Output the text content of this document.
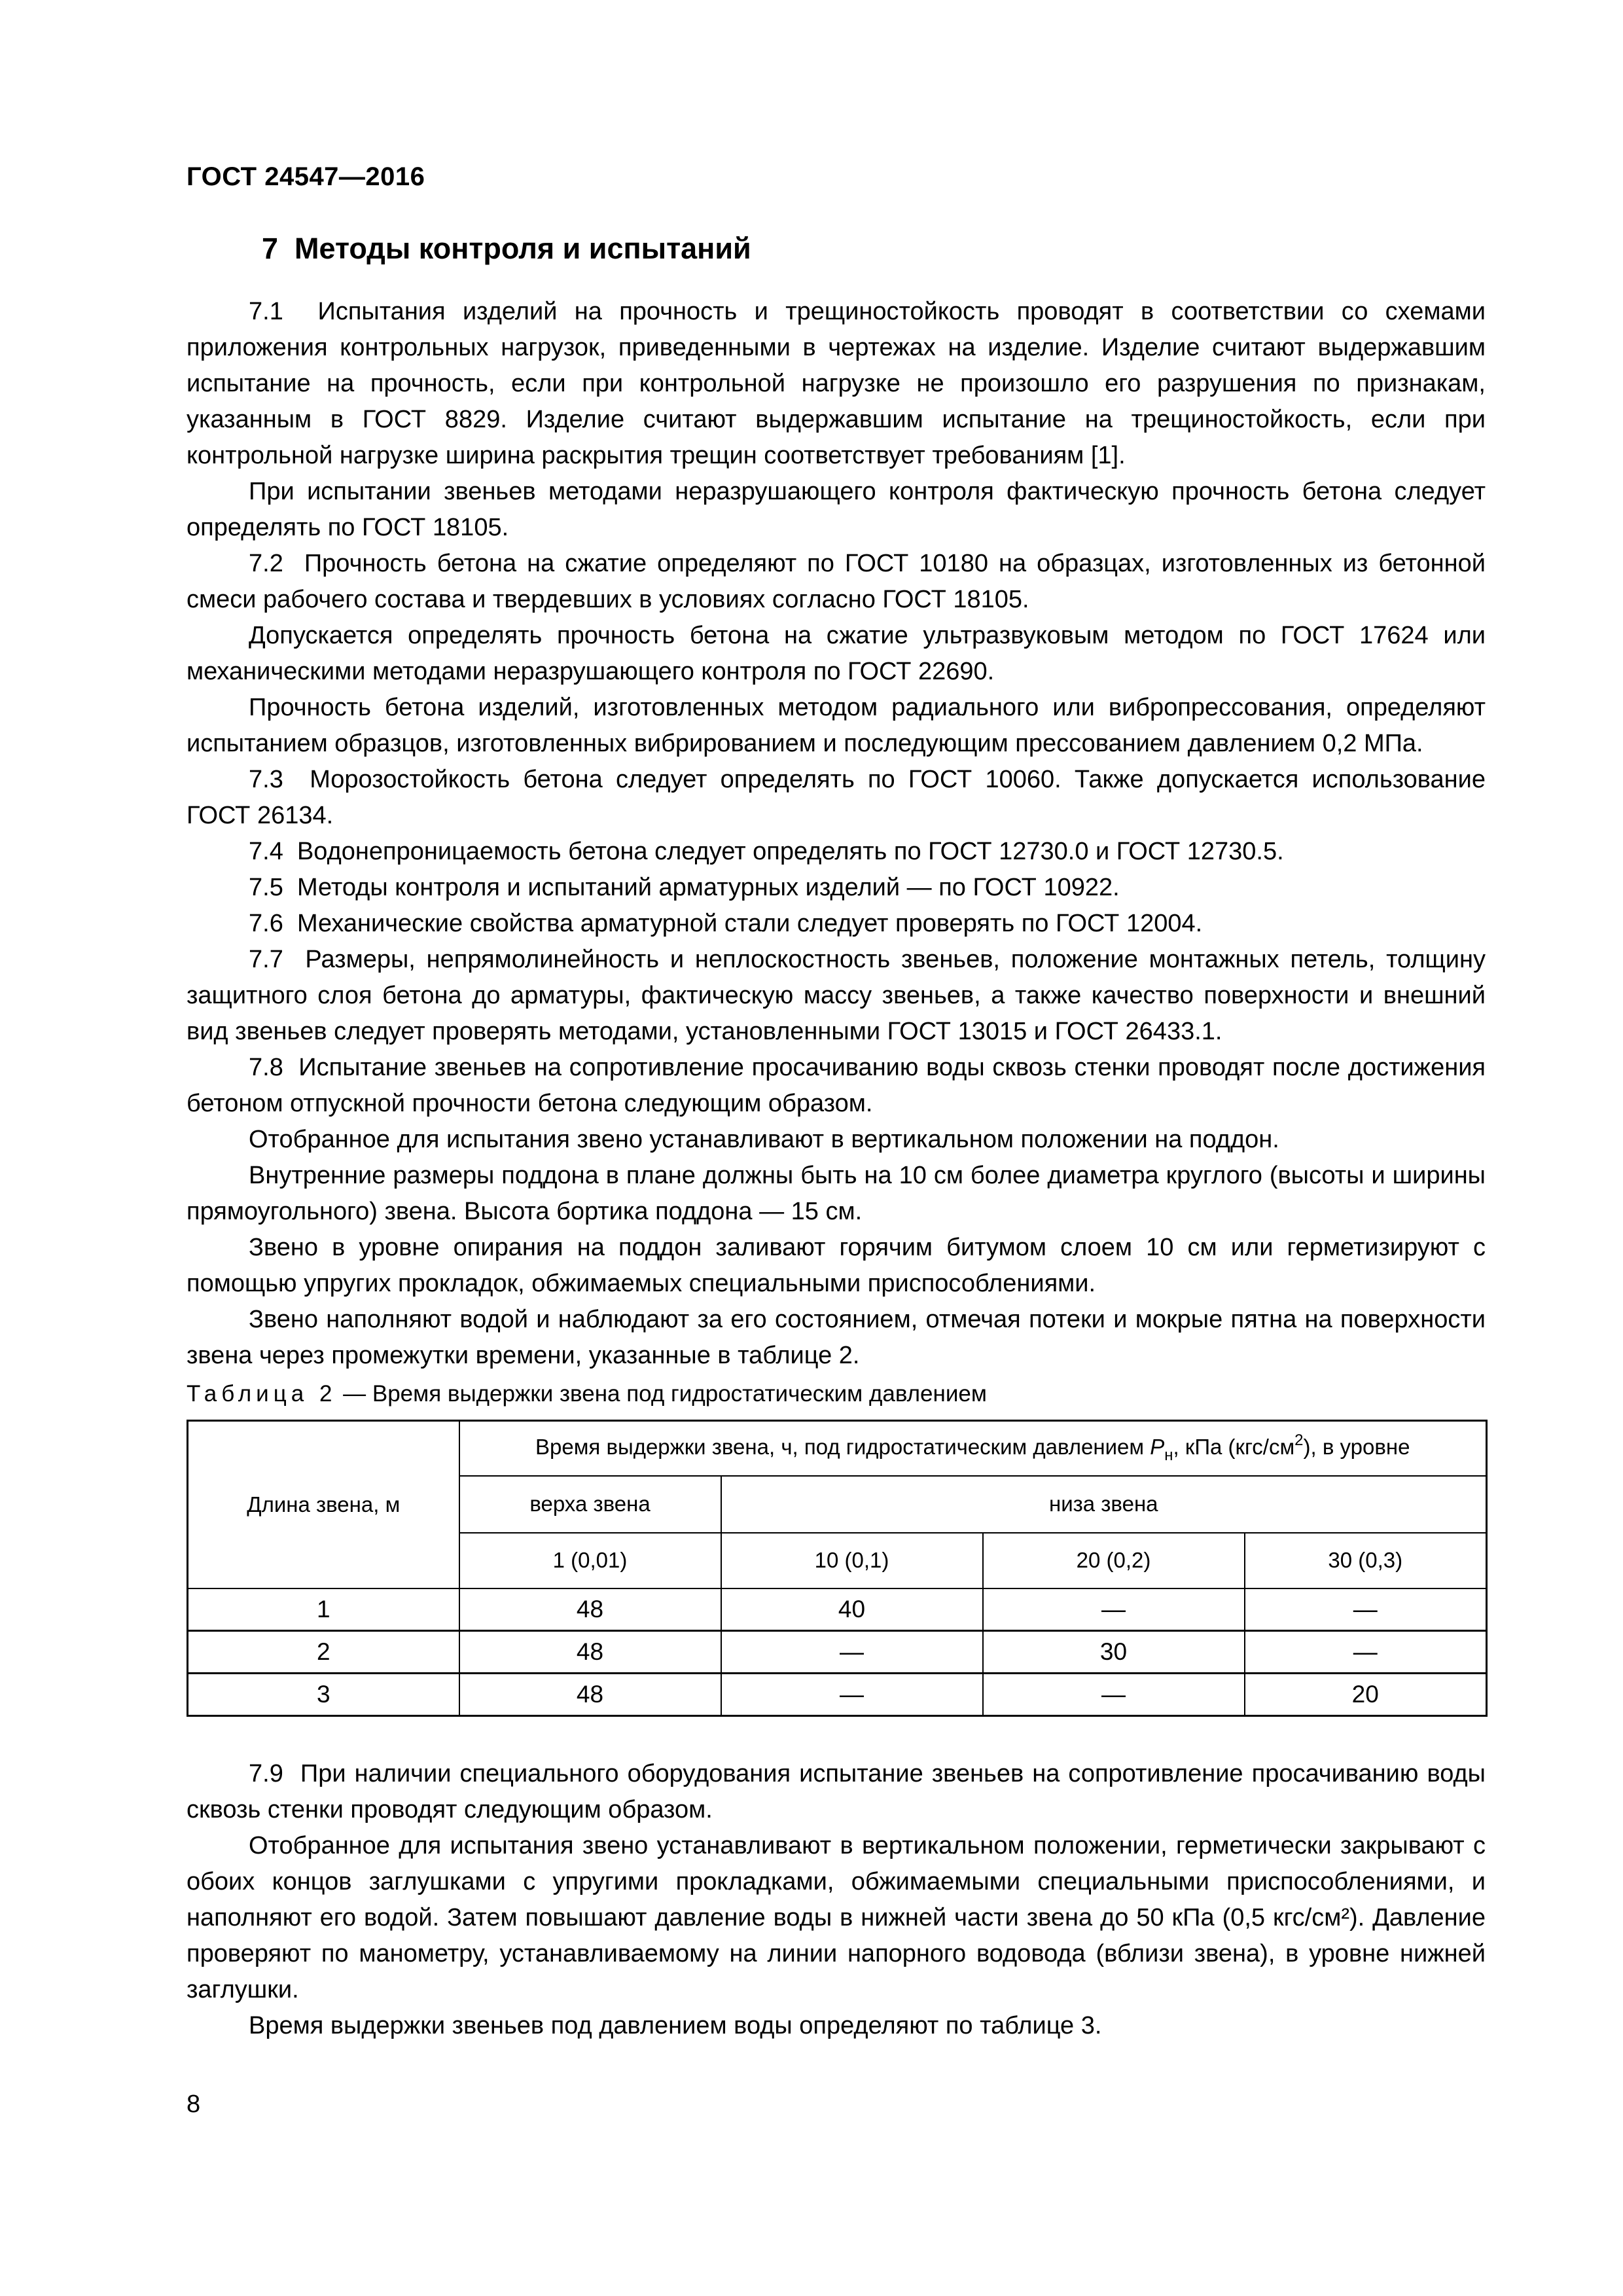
ГОСТ 24547—2016

7  Методы контроля и испытаний

7.1  Испытания изделий на прочность и трещиностойкость проводят в соответствии со схемами приложения контрольных нагрузок, приведенными в чертежах на изделие. Изделие считают выдержавшим испытание на прочность, если при контрольной нагрузке не произошло его разрушения по признакам, указанным в ГОСТ 8829. Изделие считают выдержавшим испытание на трещиностойкость, если при контрольной нагрузке ширина раскрытия трещин соответствует требованиям [1].

При испытании звеньев методами неразрушающего контроля фактическую прочность бетона следует определять по ГОСТ 18105.

7.2  Прочность бетона на сжатие определяют по ГОСТ 10180 на образцах, изготовленных из бетонной смеси рабочего состава и твердевших в условиях согласно ГОСТ 18105.

Допускается определять прочность бетона на сжатие ультразвуковым методом по ГОСТ 17624 или механическими методами неразрушающего контроля по ГОСТ 22690.

Прочность бетона изделий, изготовленных методом радиального или вибропрессования, определяют испытанием образцов, изготовленных вибрированием и последующим прессованием давлением 0,2 МПа.

7.3  Морозостойкость бетона следует определять по ГОСТ 10060. Также допускается использование ГОСТ 26134.

7.4  Водонепроницаемость бетона следует определять по ГОСТ 12730.0 и ГОСТ 12730.5.

7.5  Методы контроля и испытаний арматурных изделий — по ГОСТ 10922.

7.6  Механические свойства арматурной стали следует проверять по ГОСТ 12004.

7.7  Размеры, непрямолинейность и неплоскостность звеньев, положение монтажных петель, толщину защитного слоя бетона до арматуры, фактическую массу звеньев, а также качество поверхности и внешний вид звеньев следует проверять методами, установленными ГОСТ 13015 и ГОСТ 26433.1.

7.8  Испытание звеньев на сопротивление просачиванию воды сквозь стенки проводят после достижения бетоном отпускной прочности бетона следующим образом.

Отобранное для испытания звено устанавливают в вертикальном положении на поддон.

Внутренние размеры поддона в плане должны быть на 10 см более диаметра круглого (высоты и ширины прямоугольного) звена. Высота бортика поддона — 15 см.

Звено в уровне опирания на поддон заливают горячим битумом слоем 10 см или герметизируют с помощью упругих прокладок, обжимаемых специальными приспособлениями.

Звено наполняют водой и наблюдают за его состоянием, отмечая потеки и мокрые пятна на поверхности звена через промежутки времени, указанные в таблице 2.

Таблица 2 — Время выдержки звена под гидростатическим давлением

Длина звена, м	Время выдержки звена, ч, под гидростатическим давлением $Р_н$, кПа $(кгс/см^2)$, в уровне			
	верха звена	низа звена		
	1 (0,01)	10 (0,1)	20 (0,2)	30 (0,3)
1	48	40	—	—
2	48	—	30	—
3	48	—	—	20

7.9  При наличии специального оборудования испытание звеньев на сопротивление просачиванию воды сквозь стенки проводят следующим образом.

Отобранное для испытания звено устанавливают в вертикальном положении, герметически закрывают с обоих концов заглушками с упругими прокладками, обжимаемыми специальными приспособлениями, и наполняют его водой. Затем повышают давление воды в нижней части звена до 50 кПа (0,5 кгс/см²). Давление проверяют по манометру, устанавливаемому на линии напорного водовода (вблизи звена), в уровне нижней заглушки.

Время выдержки звеньев под давлением воды определяют по таблице 3.

8
